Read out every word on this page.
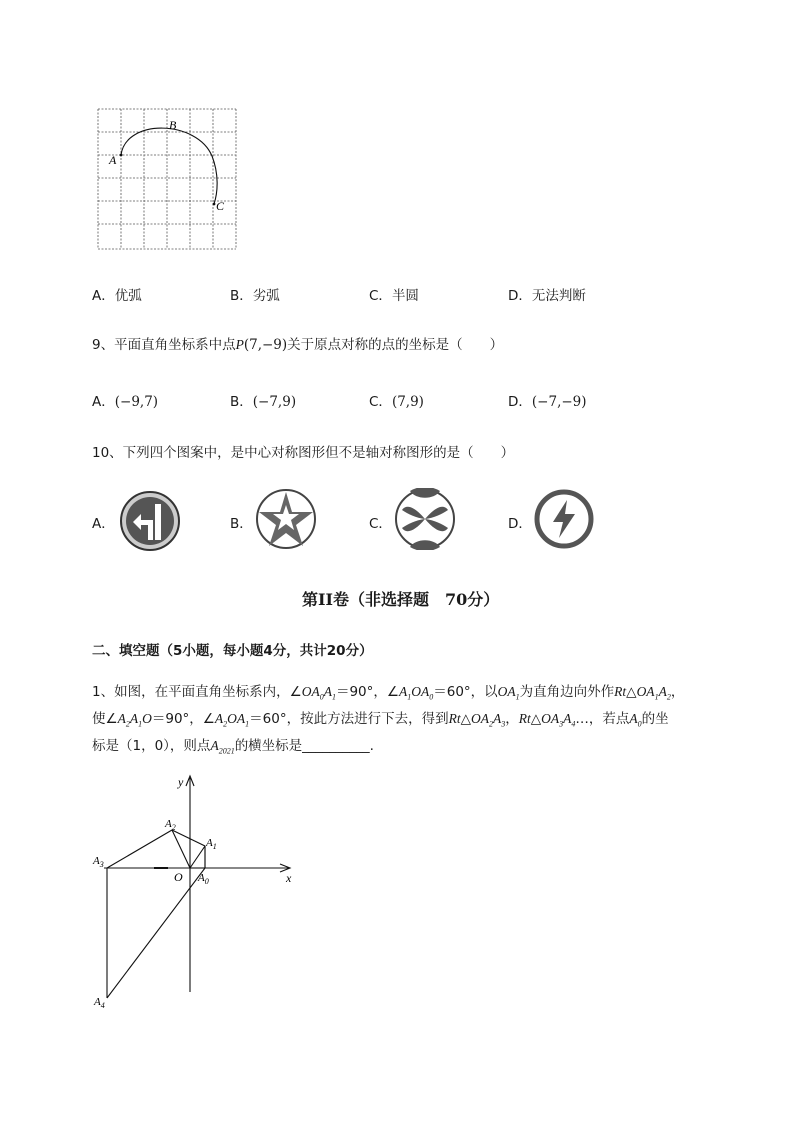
A
B
C
A．优弧	B．劣弧	C．半圆	D．无法判断
9、平面直角坐标系中点P(7,−9)关于原点对称的点的坐标是（　　）
A．(−9,7)	B．(−7,9)	C．(7,9)	D．(−7,−9)
10、下列四个图案中，是中心对称图形但不是轴对称图形的是（　　）
A．	B．	C．	D．
第II卷（非选择题　70分）
二、填空题（5小题，每小题4分，共计20分）
1、如图，在平面直角坐标系内，$\angle OA_0A_1=90^\circ$，$\angle A_1OA_0=60^\circ$，以$OA_1$为直角边向外作$Rt\triangle OA_1A_2$，
使$\angle A_2A_1O=90^\circ$，$\angle A_2OA_1=60^\circ$，按此方法进行下去，得到$Rt\triangle OA_2A_3$，$Rt\triangle OA_3A_4\dots$，若点$A_0$的坐
标是（1，0），则点$A_{2021}$的横坐标是__________.
y
x
O $A_0$
$A_1$
$A_2$
$A_3$
$A_4$
